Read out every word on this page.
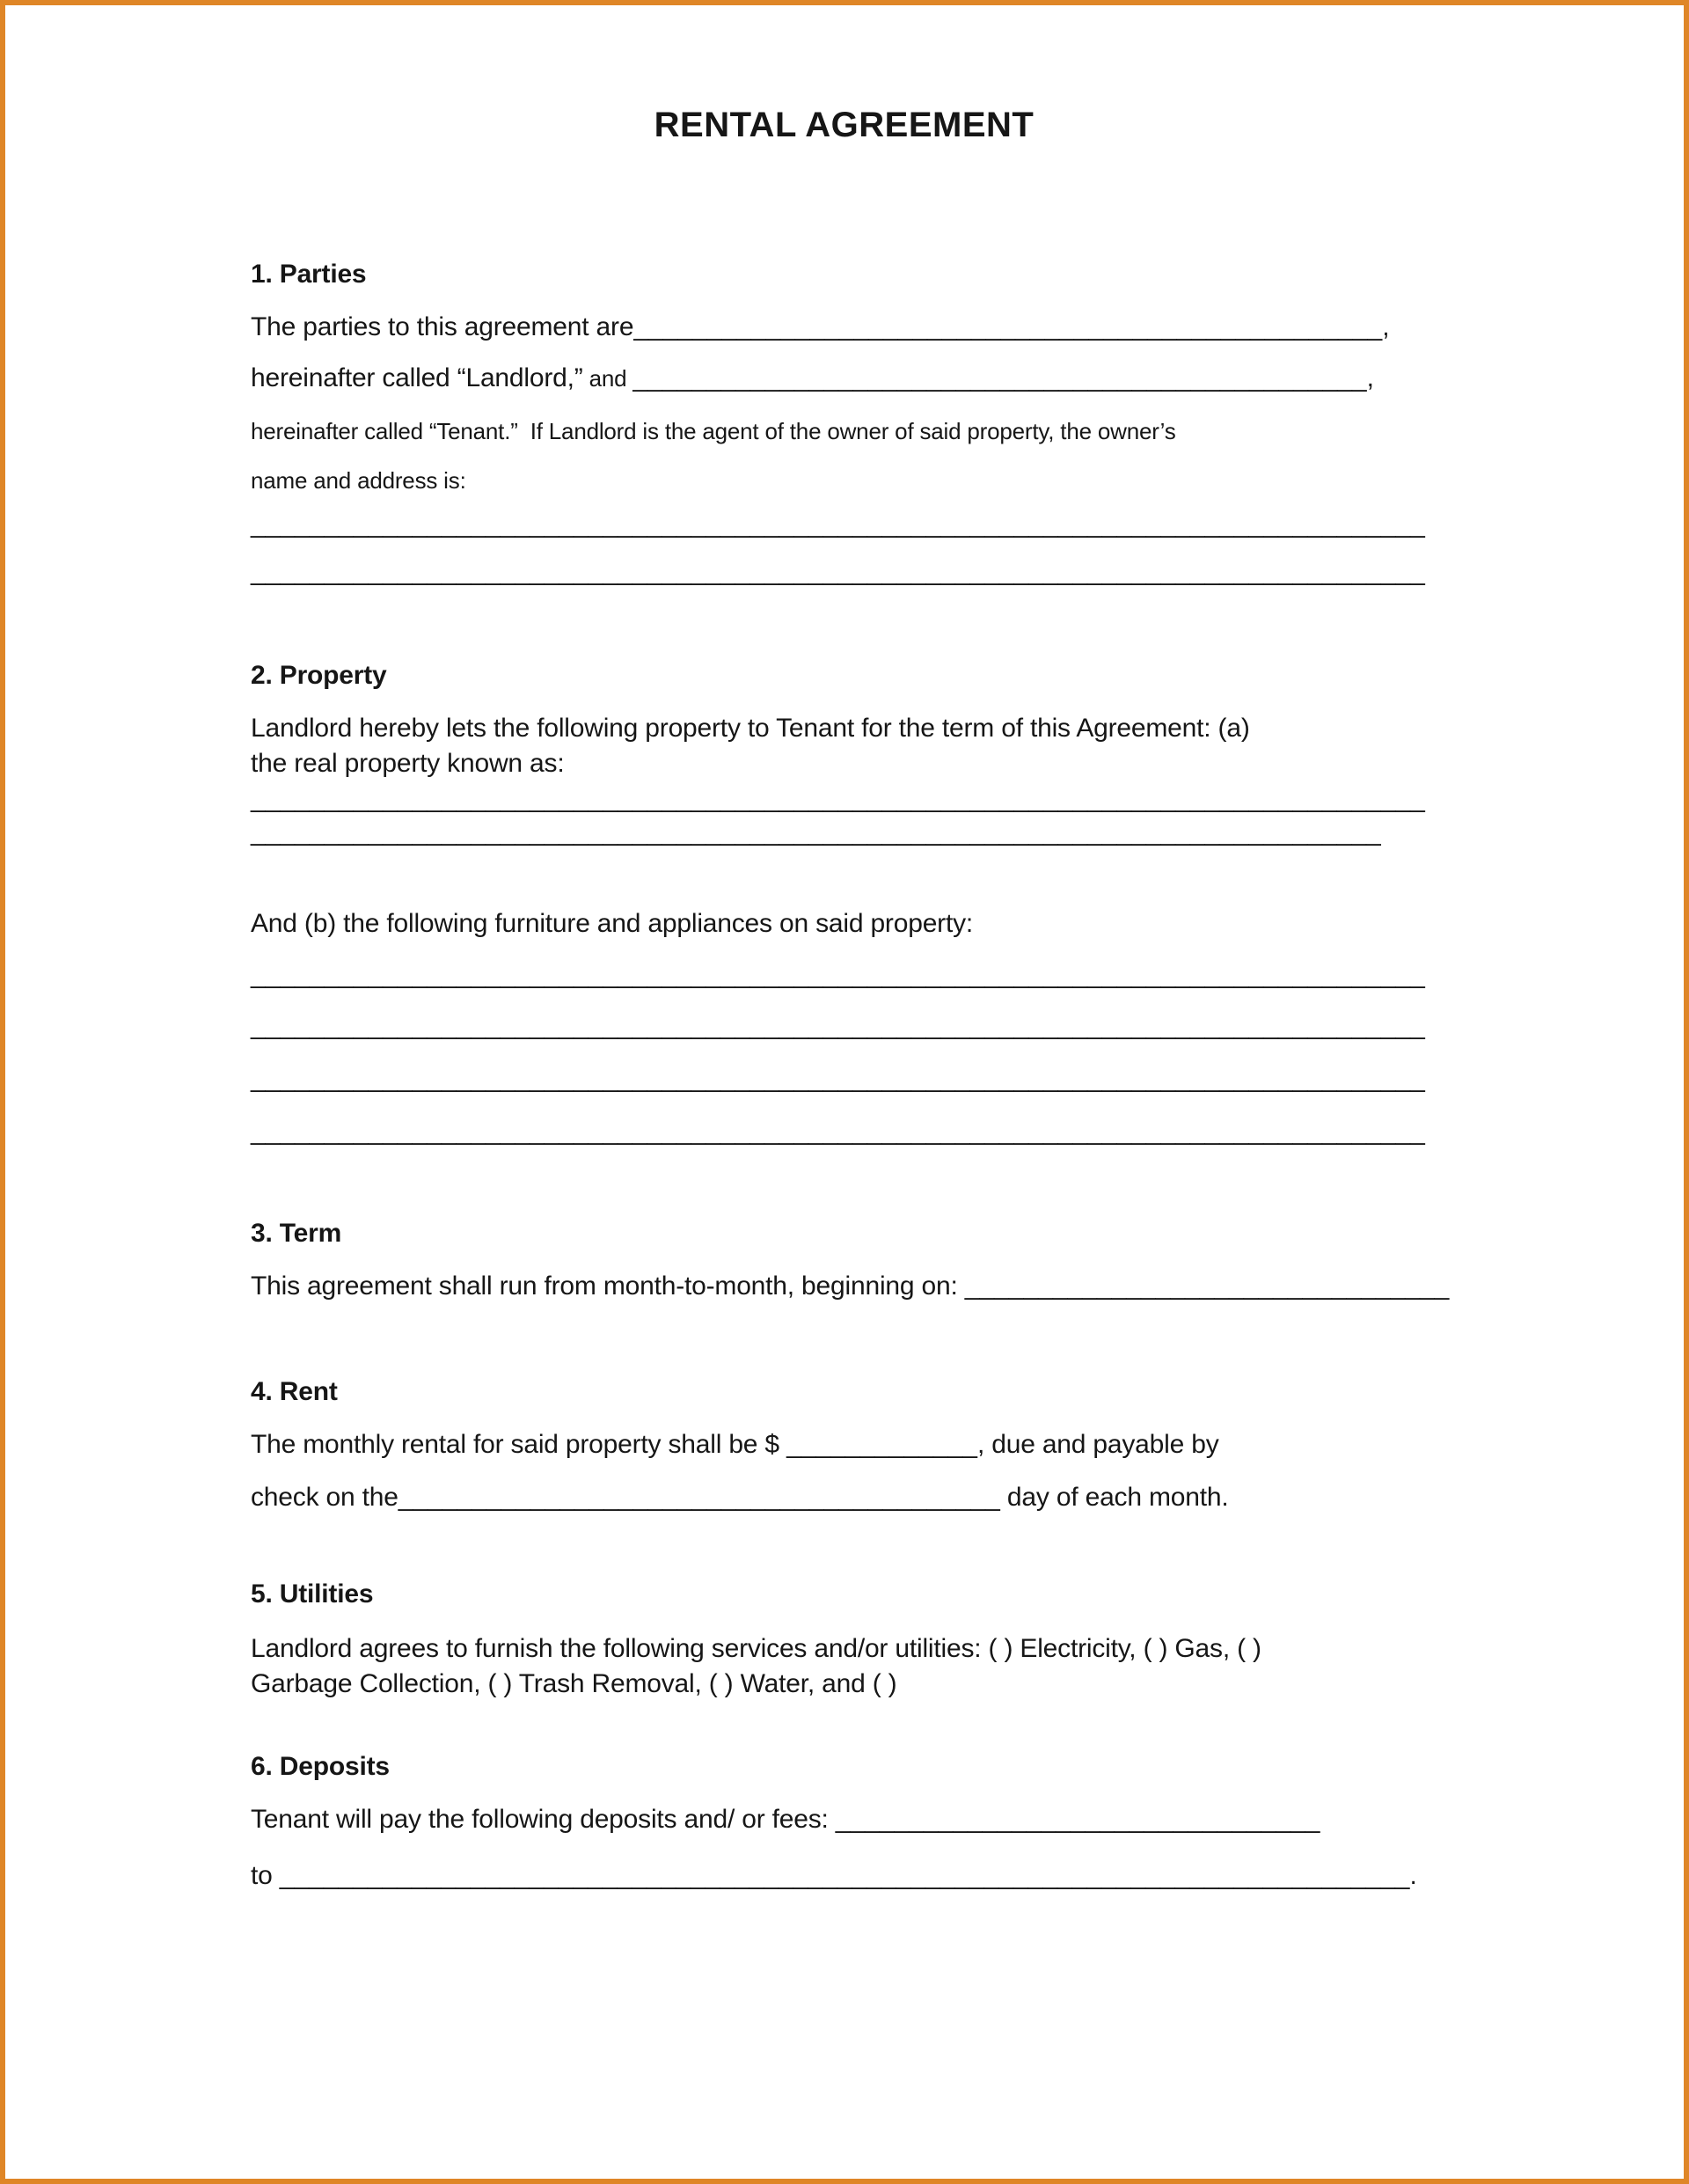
RENTAL AGREEMENT
1. Parties
The parties to this agreement are___________________________________________________,
hereinafter called “Landlord,” and __________________________________________________,
hereinafter called “Tenant.”  If Landlord is the agent of the owner of said property, the owner’s
name and address is:
________________________________________________________________________________
________________________________________________________________________________
2. Property
Landlord hereby lets the following property to Tenant for the term of this Agreement: (a)
the real property known as:
________________________________________________________________________________
_____________________________________________________________________________
And (b) the following furniture and appliances on said property:
________________________________________________________________________________
________________________________________________________________________________
________________________________________________________________________________
________________________________________________________________________________
3. Term
This agreement shall run from month-to-month, beginning on: _________________________________
4. Rent
The monthly rental for said property shall be $ _____________, due and payable by
check on the_________________________________________ day of each month.
5. Utilities
Landlord agrees to furnish the following services and/or utilities: ( ) Electricity, ( ) Gas, ( )
Garbage Collection, ( ) Trash Removal, ( ) Water, and ( )
6. Deposits
Tenant will pay the following deposits and/ or fees: _________________________________
to _____________________________________________________________________________.
